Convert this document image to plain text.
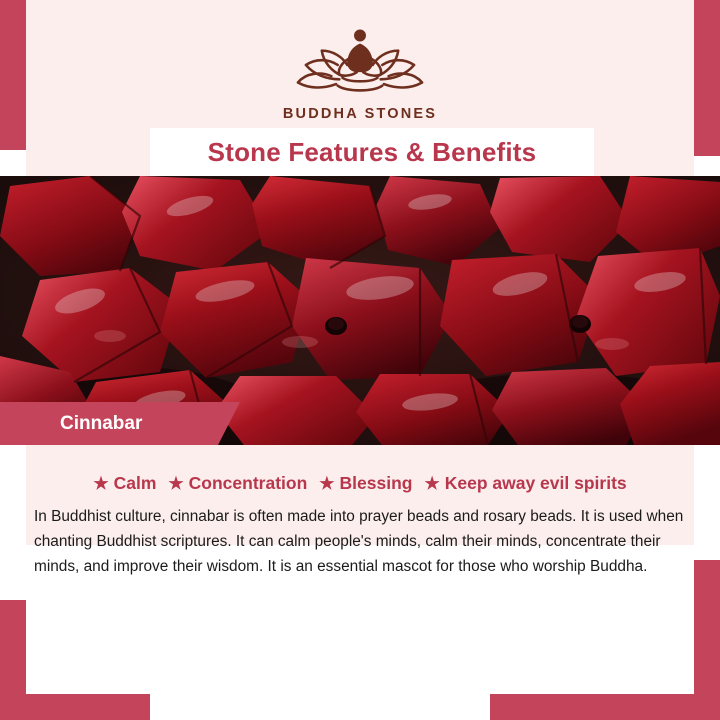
BUDDHA STONES
Stone Features & Benefits
Cinnabar
★ Calm ★ Concentration ★ Blessing ★ Keep away evil spirits

In Buddhist culture, cinnabar is often made into prayer beads and rosary beads. It is used when chanting Buddhist scriptures. It can calm people's minds, calm their minds, concentrate their minds, and improve their wisdom. It is an essential mascot for those who worship Buddha.
